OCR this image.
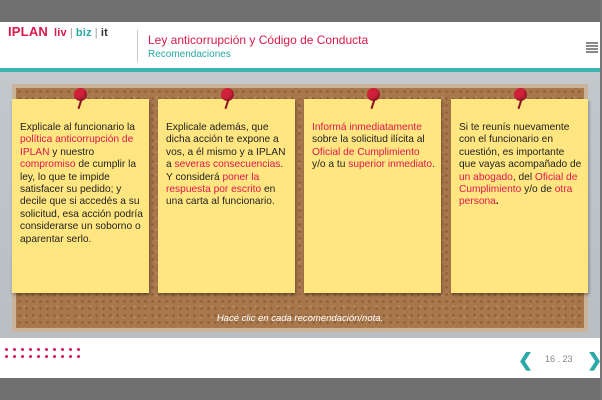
IPLAN liv | biz | it	Ley anticorrupción y Código de Conducta
Recomendaciones
Explicale al funcionario la política anticorrupción de IPLAN y nuestro compromiso de cumplir la ley, lo que te impide satisfacer su pedido; y decile que si accedés a su solicitud, esa acción podría considerarse un soborno o aparentar serlo.
Explicale además, que dicha acción te expone a vos, a él mismo y a IPLAN a severas consecuencias. Y considerá poner la respuesta por escrito en una carta al funcionario.
Informá inmediatamente sobre la solicitud ilícita al Oficial de Cumplimiento y/o a tu superior inmediato.
Si te reunís nuevamente con el funcionario en cuestión, es importante que vayas acompañado de un abogado, del Oficial de Cumplimiento y/o de otra persona.
Hacé clic en cada recomendación/nota.
❮ 16 . 23 ❯
